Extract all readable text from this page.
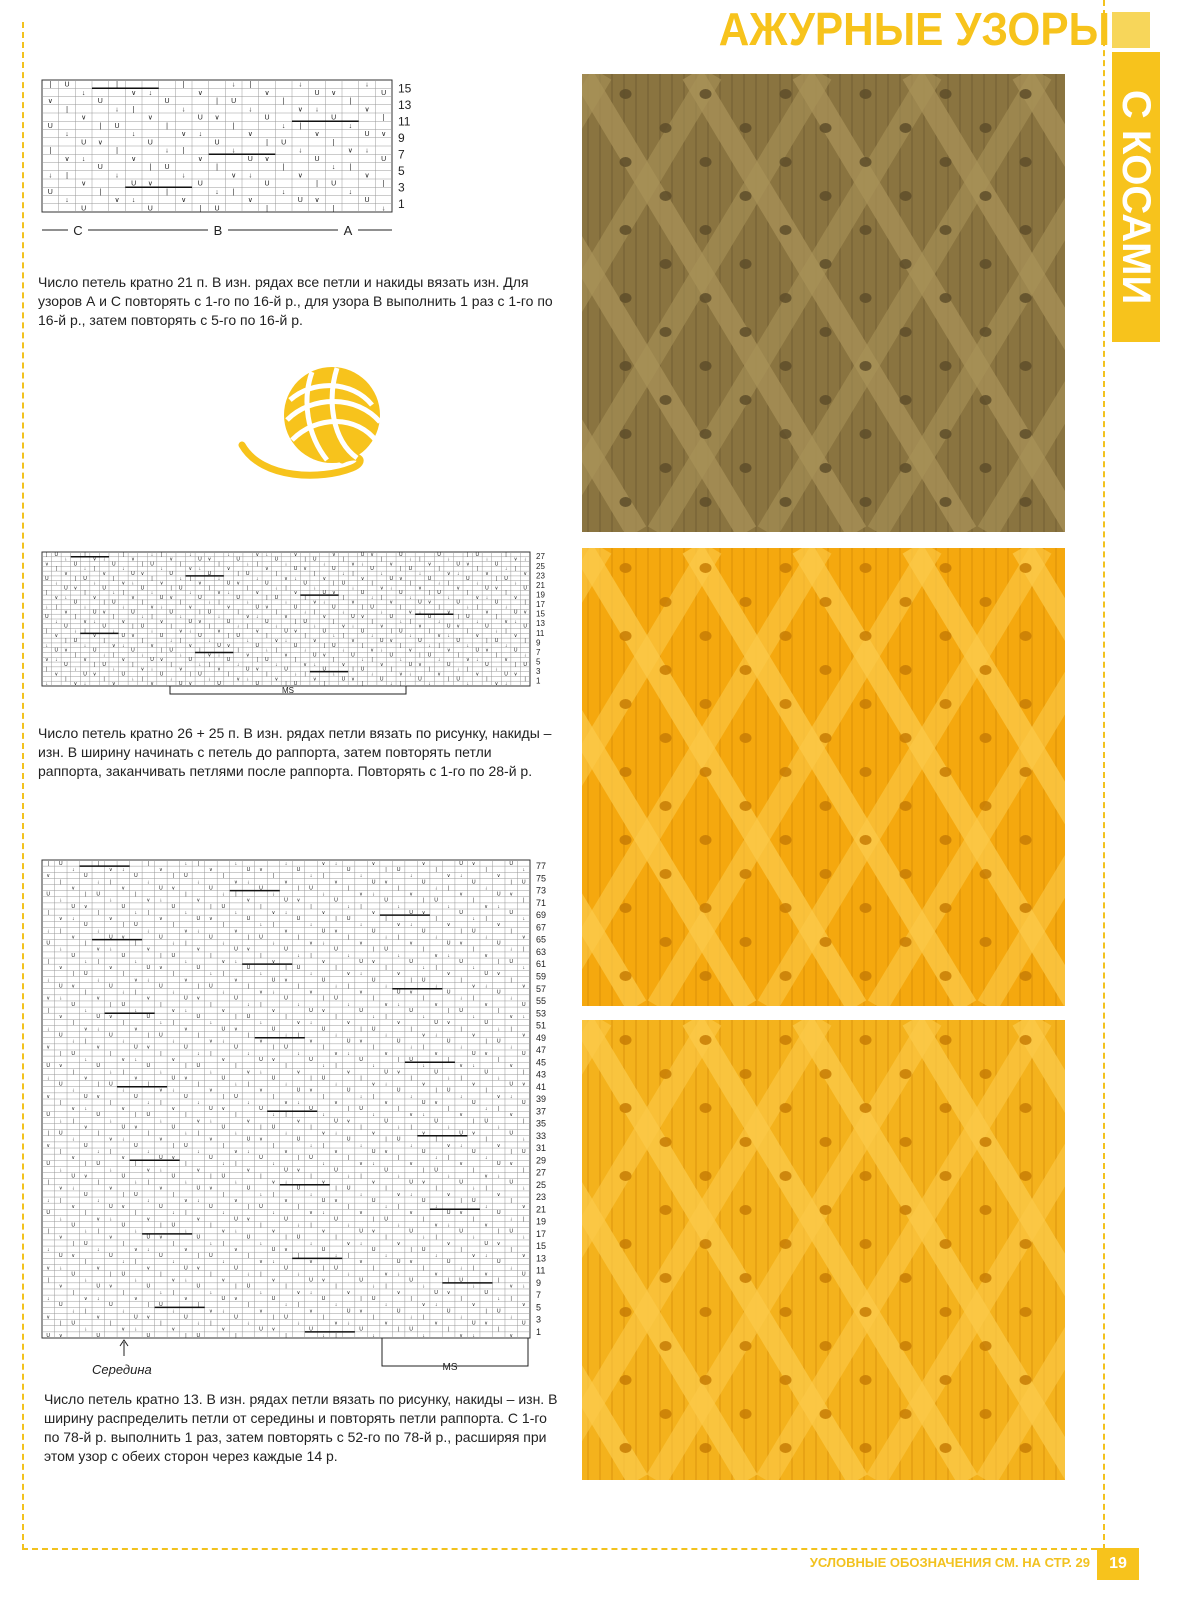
АЖУРНЫЕ УЗОРЫ
С КОСАМИ
| U	|	|	↓ |	↓	↓
↓	∨ ↓	∨	∨	U ∨	U
∨	U	U	| U	|	|
|	↓ |	↓	↓	∨ ↓	∨
∨	∨	U ∨	U	U	|
U	| U	|	|	↓ |	↓
↓	↓	∨ ↓	∨	∨	U ∨
U ∨	U	U	| U	|
|	|	↓ |	↓	↓	∨ ↓
∨ ↓	∨	∨	U ∨	U	U
U	| U	|	|	↓ |
↓ |	↓	↓	∨ ↓	∨	∨
∨	U ∨	U	U	| U	|
U	|	|	↓ |	↓	↓
↓	∨ ↓	∨	∨	U ∨	U
U	U	| U	|	|	↓
15
13
11
9
7
5
3
1
C	B	A
Число петель кратно 21 п. В изн. рядах все петли и накиды вязать изн. Для узоров А и С повторять с 1-го по 16-й р., для узора В выполнить 1 раз с 1-го по 16-й р., затем повторять с 5-го по 16-й р.
| U	|	|	↓ |	↓	↓	∨ ↓	∨	∨	U ∨	U	U	| U	|
↓	∨ ↓	∨	∨	U ∨	U	U	| U	|	|	↓ |	↓	↓	∨ ↓
∨	U	U	| U	|	|	↓ |	↓	↓	∨ ↓	∨	∨	U ∨	U
|	↓ |	↓	↓	∨ ↓	∨	∨	U ∨	U	U	| U	|	|	↓ |
∨	∨	U ∨	U	U	| U	|	|	↓ |	↓	↓	∨ ↓	∨	∨
U	| U	|	|	↓ |	↓	↓	∨ ↓	∨	∨	U ∨	U	U	| U
↓	↓	∨ ↓	∨	∨	U ∨	U	U	| U	|	|	↓ |	↓	↓
U ∨	U	U	| U	|	|	↓ |	↓	↓	∨ ↓	∨	∨	U ∨	U
|	|	↓ |	↓	↓	∨ ↓	∨	∨	U ∨	U	U	| U	|	|
∨ ↓	∨	∨	U ∨	U	U	| U	|	|	↓ |	↓	↓	∨ ↓	∨
U	| U	|	|	↓ |	↓	↓	∨ ↓	∨	∨	U ∨	U	U	|
↓ |	↓	↓	∨ ↓	∨	∨	U ∨	U	U	| U	|	|	↓ |	↓
∨	U ∨	U	U	| U	|	|	↓ |	↓	↓	∨ ↓	∨	∨	U ∨
U	|	|	↓ |	↓	↓	∨ ↓	∨	∨	U ∨	U	U	| U	|
↓	∨ ↓	∨	∨	U ∨	U	U	| U	|	|	↓ |	↓	↓	∨ ↓
U	U	| U	|	|	↓ |	↓	↓	∨ ↓	∨	∨	U ∨	U	U
|	↓ |	↓	↓	∨ ↓	∨	∨	U ∨	U	U	| U	|	|	↓ |
∨	∨	U ∨	U	U	| U	|	|	↓ |	↓	↓	∨ ↓	∨	∨
| U	|	|	↓ |	↓	↓	∨ ↓	∨	∨	U ∨	U	U	| U	|
↓	↓	∨ ↓	∨	∨	U ∨	U	U	| U	|	|	↓ |	↓	↓
U ∨	U	U	| U	|	|	↓ |	↓	↓	∨ ↓	∨	∨	U ∨	U
|	↓ |	↓	↓	∨ ↓	∨	∨	U ∨	U	U	| U	|	|	↓
∨ ↓	∨	∨	U ∨	U	U	| U	|	|	↓ |	↓	↓	∨ ↓	∨
U	| U	|	|	↓ |	↓	↓	∨ ↓	∨	∨	U ∨	U	U	| U
|	↓	↓	∨ ↓	∨	∨	U ∨	U	U	| U	|	|	↓ |	↓
∨	U ∨	U	U	| U	|	|	↓ |	↓	↓	∨ ↓	∨	∨	U ∨
|	|	↓ |	↓	↓	∨ ↓	∨	∨	U ∨	U	U	| U	|	|
↓	∨ ↓	∨	∨	U ∨	U	U	| U	|	|	↓ |	↓	↓	∨ ↓
27
25
23
21
19
17
15
13
11
9
7
5
3
1
MS
Число петель кратно 26 + 25 п. В изн. рядах петли вязать по рисунку, накиды – изн. В ширину начинать с петель до раппорта, затем повторять петли раппорта, заканчивать петлями после раппорта. Повторять с 1-го по 28-й р.
| U	|	|	↓ |	↓	↓	∨ ↓	∨	∨	U ∨	U
↓	∨ ↓	∨	∨	U ∨	U	U	| U	|	|	↓
∨	U	U	| U	|	|	↓ |	↓	↓	∨ ↓	∨
|	↓ |	↓	↓	∨ ↓	∨	∨	U ∨	U	U	| U
∨	∨	U ∨	U	U	| U	|	|	↓ |	↓
U	| U	|	|	↓ |	↓	↓	∨ ↓	∨	∨	U ∨
↓	↓	∨ ↓	∨	∨	U ∨	U	U	| U	|	|
U ∨	U	U	| U	|	|	↓ |	↓	↓	∨ ↓
|	|	↓ |	↓	↓	∨ ↓	∨	∨	U ∨	U	U
∨ ↓	∨	∨	U ∨	U	U	| U	|	|	↓ |	↓
U	| U	|	|	↓ |	↓	↓	∨ ↓	∨	∨
↓ |	↓	↓	∨ ↓	∨	∨	U ∨	U	U	| U	|
∨	U ∨	U	U	| U	|	|	↓ |	↓	↓	∨
U	|	|	↓ |	↓	↓	∨ ↓	∨	∨	U ∨	U
↓	∨ ↓	∨	∨	U ∨	U	U	| U	|	|	↓ |
U	U	| U	|	|	↓ |	↓	↓	∨ ↓	∨
|	↓ |	↓	↓	∨ ↓	∨	∨	U ∨	U	U	| U
∨	∨	U ∨	U	U	| U	|	|	↓ |	↓	↓
| U	|	|	↓ |	↓	↓	∨ ↓	∨	∨	U ∨
↓	↓	∨ ↓	∨	∨	U ∨	U	U	| U	|	|
U ∨	U	U	| U	|	|	↓ |	↓	↓	∨ ↓	∨
|	↓ |	↓	↓	∨ ↓	∨	∨	U ∨	U	U
∨ ↓	∨	∨	U ∨	U	U	| U	|	|	↓ |	↓
U	| U	|	|	↓ |	↓	↓	∨ ↓	∨	∨	U
|	↓	↓	∨ ↓	∨	∨	U ∨	U	U	| U	|
∨	U ∨	U	U	| U	|	|	↓ |	↓	↓	∨ ↓
|	|	↓ |	↓	↓	∨ ↓	∨	∨	U ∨	U
↓	∨ ↓	∨	∨	U ∨	U	U	| U	|	|	↓ |
U	U	| U	|	|	↓ |	↓	↓	∨ ↓	∨	∨
↓ |	↓	↓	∨ ↓	∨	∨	U ∨	U	U	| U
∨	∨	U ∨	U	U	| U	|	|	↓ |	↓	↓
| U	|	|	↓ |	↓	↓	∨ ↓	∨	∨	U ∨	U
↓	∨ ↓	∨	∨	U ∨	U	U	| U	|	|
U ∨	U	U	| U	|	|	↓ |	↓	↓	∨ ↓	∨
|	↓ |	↓	↓	∨ ↓	∨	∨	U ∨	U	U	|
↓	∨	∨	U ∨	U	U	| U	|	|	↓ |	↓
U	| U	|	|	↓ |	↓	↓	∨ ↓	∨	∨	U ∨
↓	↓	∨ ↓	∨	∨	U ∨	U	U	| U	|
∨	U ∨	U	U	| U	|	|	↓ |	↓	↓	∨ ↓
|	|	↓ |	↓	↓	∨ ↓	∨	∨	U ∨	U	U
∨ ↓	∨	∨	U ∨	U	U	| U	|	|	↓ |
U	U	| U	|	|	↓ |	↓	↓	∨ ↓	∨	∨
↓ |	↓	↓	∨ ↓	∨	∨	U ∨	U	U	| U	|
∨	U ∨	U	U	| U	|	|	↓ |	↓	↓
| U	|	|	↓ |	↓	↓	∨ ↓	∨	∨	U ∨	U
↓	∨ ↓	∨	∨	U ∨	U	U	| U	|	|	↓
∨	U	U	| U	|	|	↓ |	↓	↓	∨ ↓	∨
|	↓ |	↓	↓	∨ ↓	∨	∨	U ∨	U	U	| U
∨	∨	U ∨	U	U	| U	|	|	↓ |	↓
U	| U	|	|	↓ |	↓	↓	∨ ↓	∨	∨	U ∨
↓	↓	∨ ↓	∨	∨	U ∨	U	U	| U	|	|
U ∨	U	U	| U	|	|	↓ |	↓	↓	∨ ↓
|	|	↓ |	↓	↓	∨ ↓	∨	∨	U ∨	U	U
∨ ↓	∨	∨	U ∨	U	U	| U	|	|	↓ |	↓
U	| U	|	|	↓ |	↓	↓	∨ ↓	∨	∨
↓ |	↓	↓	∨ ↓	∨	∨	U ∨	U	U	| U	|
∨	U ∨	U	U	| U	|	|	↓ |	↓	↓	∨
U	|	|	↓ |	↓	↓	∨ ↓	∨	∨	U ∨	U
↓	∨ ↓	∨	∨	U ∨	U	U	| U	|	|	↓ |
U	U	| U	|	|	↓ |	↓	↓	∨ ↓	∨
|	↓ |	↓	↓	∨ ↓	∨	∨	U ∨	U	U	| U
∨	∨	U ∨	U	U	| U	|	|	↓ |	↓	↓
| U	|	|	↓ |	↓	↓	∨ ↓	∨	∨	U ∨
↓	↓	∨ ↓	∨	∨	U ∨	U	U	| U	|	|
U ∨	U	U	| U	|	|	↓ |	↓	↓	∨ ↓	∨
|	↓ |	↓	↓	∨ ↓	∨	∨	U ∨	U	U
∨ ↓	∨	∨	U ∨	U	U	| U	|	|	↓ |	↓
U	| U	|	|	↓ |	↓	↓	∨ ↓	∨	∨	U
|	↓	↓	∨ ↓	∨	∨	U ∨	U	U	| U	|
∨	U ∨	U	U	| U	|	|	↓ |	↓	↓	∨ ↓
|	|	↓ |	↓	↓	∨ ↓	∨	∨	U ∨	U
↓	∨ ↓	∨	∨	U ∨	U	U	| U	|	|	↓ |
U	U	| U	|	|	↓ |	↓	↓	∨ ↓	∨	∨
↓ |	↓	↓	∨ ↓	∨	∨	U ∨	U	U	| U
∨	∨	U ∨	U	U	| U	|	|	↓ |	↓	↓
| U	|	|	↓ |	↓	↓	∨ ↓	∨	∨	U ∨	U
↓	∨ ↓	∨	∨	U ∨	U	U	| U	|	|
U ∨	U	U	| U	|	|	↓ |	↓	↓	∨ ↓	∨
77
75
73
71
69
67
65
63
61
59
57
55
53
51
49
47
45
43
41
39
37
35
33
31
29
27
25
23
21
19
17
15
13
11
9
7
5
3
1
MS
Середина
Число петель кратно 13. В изн. рядах петли вязать по рисунку, накиды – изн. В ширину распределить петли от середины и повторять петли раппорта. С 1-го по 78-й р. выполнить 1 раз, затем повторять с 52-го по 78-й р., расширяя при этом узор с обеих сторон через каждые 14 р.
УСЛОВНЫЕ ОБОЗНАЧЕНИЯ СМ. НА СТР. 29	19
